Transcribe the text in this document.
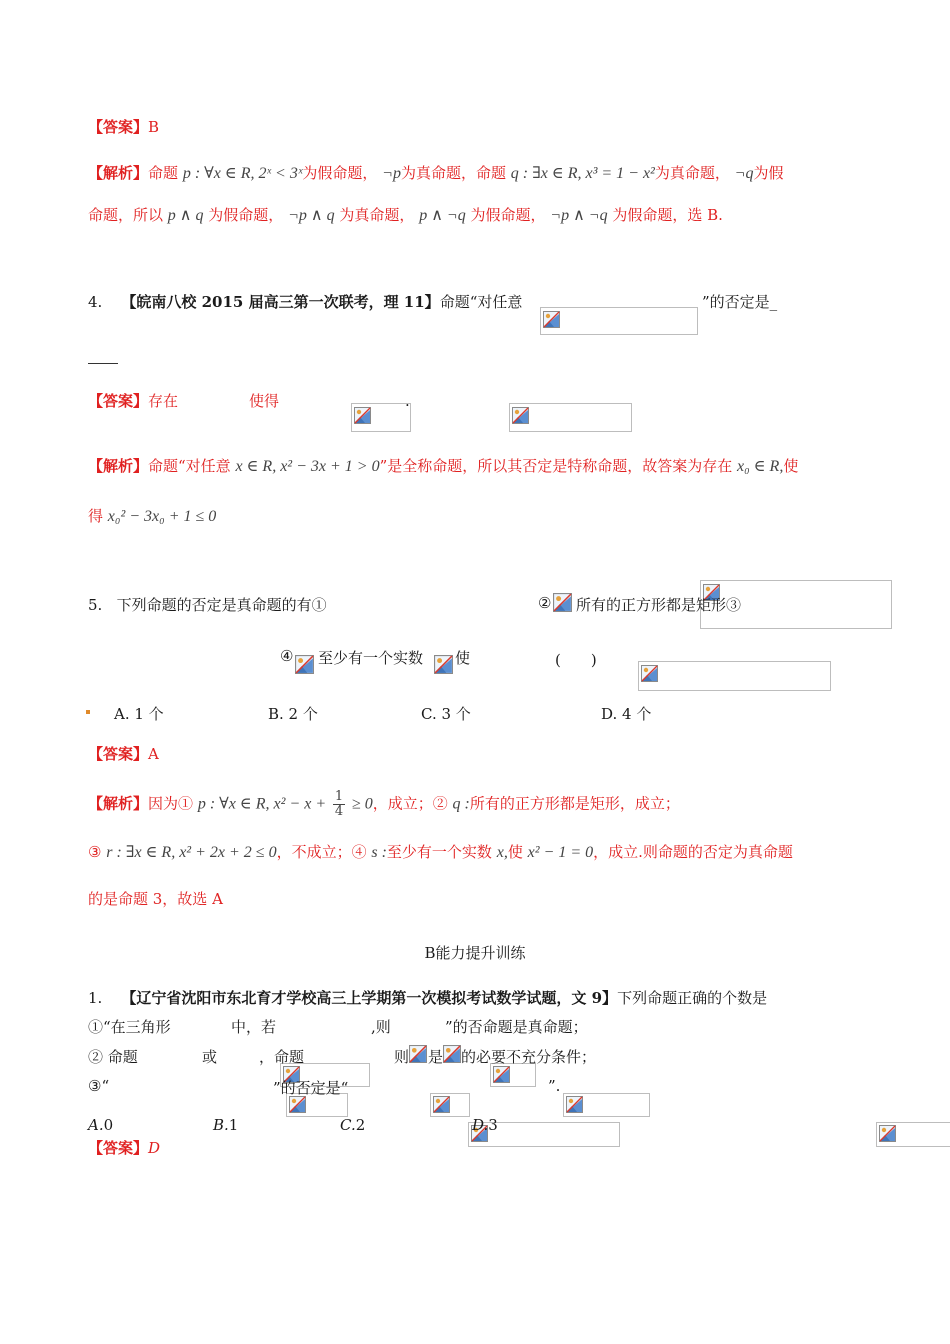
【答案】B
【解析】命题 p : ∀x ∈ R, 2ˣ < 3ˣ为假命题， ¬p为真命题，命题 q : ∃x ∈ R, x³ = 1 − x²为真命题， ¬q为假
命题，所以 p ∧ q 为假命题， ¬p ∧ q 为真命题， p ∧ ¬q 为假命题， ¬p ∧ ¬q 为假命题，选 B.
4. 【皖南八校 2015 届高三第一次联考，理 11】命题“对任意
	”的否定是_
【答案】存在
	使得
	.
【解析】命题“对任意 x ∈ R, x² − 3x + 1 > 0”是全称命题，所以其否定是特称命题，故答案为存在 x₀ ∈ R,使
得 x₀² − 3x₀ + 1 ≤ 0
5. 下列命题的否定是真命题的有①
	② 所有的正方形都是矩形③

④ 至少有一个实数 使
	(　　)
A. 1 个	B. 2 个	C. 3 个	D. 4 个
【答案】A
【解析】因为① p : ∀x ∈ R, $x^2 - x + \frac{1}{4} \ge 0$，成立；② q :所有的正方形都是矩形，成立；
③ r : ∃x ∈ R, x² + 2x + 2 ≤ 0，不成立；④ s :至少有一个实数 x,使 x² − 1 = 0，成立.则命题的否定为真命题
的是命题 3，故选 A
B能力提升训练
1. 【辽宁省沈阳市东北育才学校高三上学期第一次模拟考试数学试题，文 9】下列命题正确的个数是
①“在三角形
	中，若
	,则
	”的否命题是真命题；
② 命题
	或
	，命题
	则 是 的必要不充分条件；
③“
	”的否定是“	”.
A.0	B.1	C.2	D.3
【答案】D
